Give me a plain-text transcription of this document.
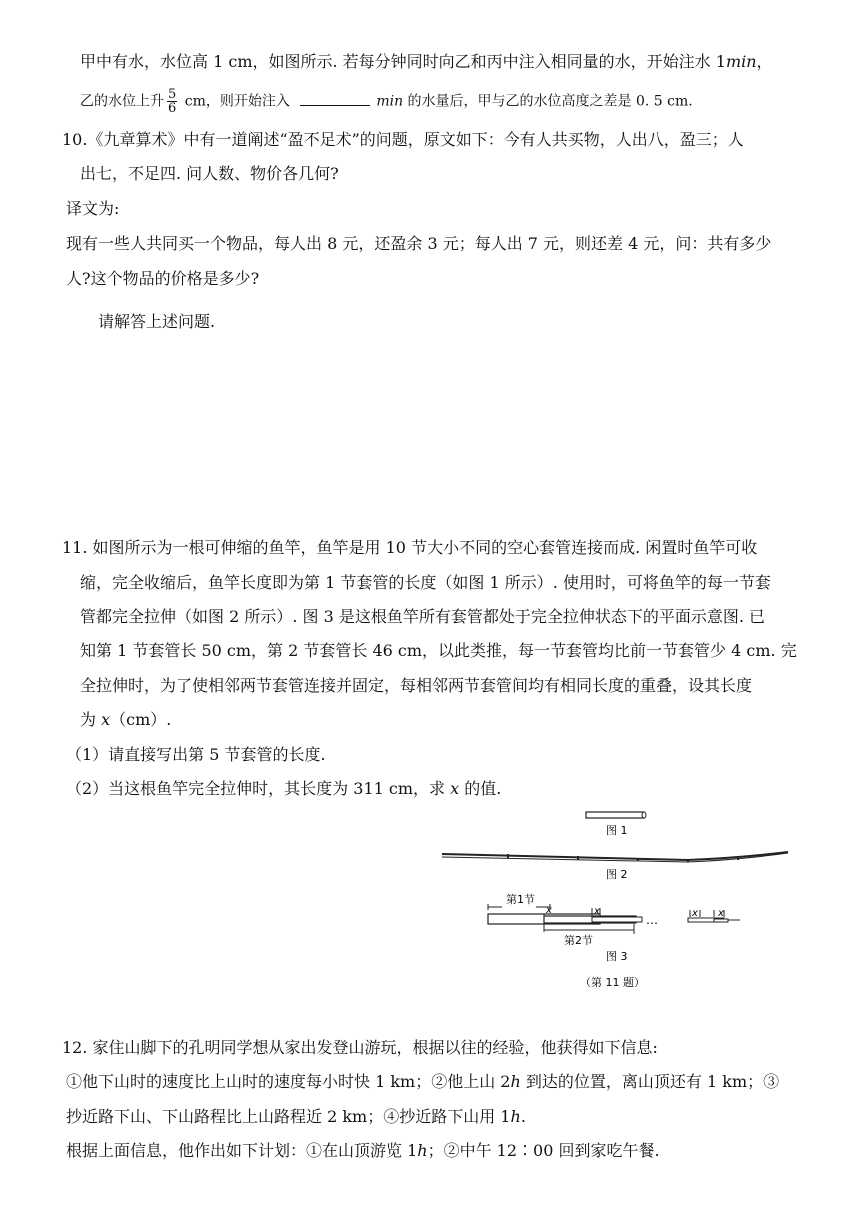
甲中有水，水位高 1 cm，如图所示. 若每分钟同时向乙和丙中注入相同量的水，开始注水 1min，
乙的水位上升 $\frac{5}{6}$ cm，则开始注入	min 的水量后，甲与乙的水位高度之差是 0. 5 cm.
10.《九章算术》中有一道阐述“盈不足术”的问题，原文如下：今有人共买物，人出八，盈三；人
出七，不足四. 问人数、物价各几何?
译文为:
现有一些人共同买一个物品，每人出 8 元，还盈余 3 元；每人出 7 元，则还差 4 元，问：共有多少
人?这个物品的价格是多少?
请解答上述问题.
11. 如图所示为一根可伸缩的鱼竿，鱼竿是用 10 节大小不同的空心套管连接而成. 闲置时鱼竿可收
缩，完全收缩后，鱼竿长度即为第 1 节套管的长度（如图 1 所示）. 使用时，可将鱼竿的每一节套
管都完全拉伸（如图 2 所示）. 图 3 是这根鱼竿所有套管都处于完全拉伸状态下的平面示意图. 已
知第 1 节套管长 50 cm，第 2 节套管长 46 cm，以此类推，每一节套管均比前一节套管少 4 cm. 完
全拉伸时，为了使相邻两节套管连接并固定，每相邻两节套管间均有相同长度的重叠，设其长度
为 x（cm）.
（1）请直接写出第 5 节套管的长度.
（2）当这根鱼竿完全拉伸时，其长度为 311 cm，求 x 的值.
图 1
图 2
第1节
x	x
第2节
…	x x
图 3
（第 11 题）
12. 家住山脚下的孔明同学想从家出发登山游玩，根据以往的经验，他获得如下信息:
①他下山时的速度比上山时的速度每小时快 1 km；②他上山 2h 到达的位置，离山顶还有 1 km；③
抄近路下山、下山路程比上山路程近 2 km；④抄近路下山用 1h.
根据上面信息，他作出如下计划：①在山顶游览 1h；②中午 12∶00 回到家吃午餐.
